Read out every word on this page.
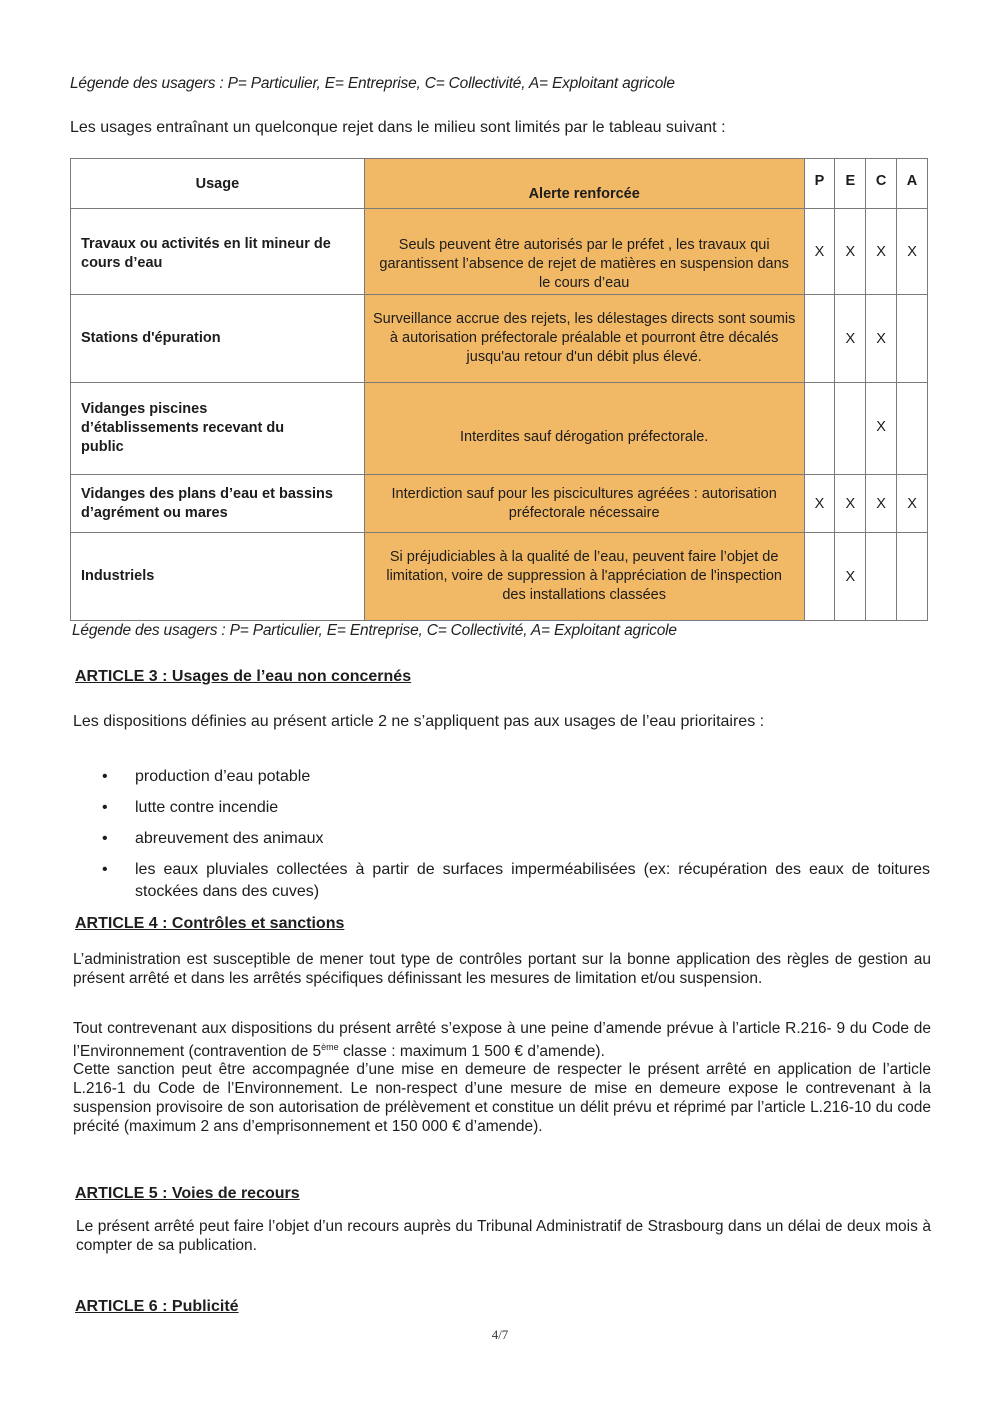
Légende des usagers : P= Particulier, E= Entreprise, C= Collectivité, A= Exploitant agricole
Les usages entraînant un quelconque rejet dans le milieu sont limités par le tableau suivant :
Usage	Alerte renforcée	P	E	C	A

Travaux ou activités en lit mineur de cours d’eau	Seuls peuvent être autorisés par le préfet , les travaux qui garantissent l’absence de rejet de matières en suspension dans le cours d’eau	X	X	X	X

Stations d'épuration	Surveillance accrue des rejets, les délestages directs sont soumis à autorisation préfectorale préalable et pourront être décalés jusqu'au retour d'un débit plus élevé.		X	X	

Vidanges piscines d’établissements recevant du public	Interdites sauf dérogation préfectorale.			X	

Vidanges des plans d’eau et bassins d’agrément ou mares	Interdiction sauf pour les piscicultures agréées : autorisation préfectorale nécessaire	X	X	X	X

Industriels	Si préjudiciables à la qualité de l’eau, peuvent faire l’objet de limitation, voire de suppression à l'appréciation de l'inspection des installations classées		X		
Légende des usagers : P= Particulier, E= Entreprise, C= Collectivité, A= Exploitant agricole
ARTICLE 3 : Usages de l’eau non concernés
Les dispositions définies au présent article 2 ne s’appliquent pas aux usages de l’eau prioritaires :
• production d’eau potable
• lutte contre incendie
• abreuvement des animaux
• les eaux pluviales collectées à partir de surfaces imperméabilisées (ex: récupération des eaux de toitures stockées dans des cuves)
ARTICLE 4 : Contrôles et sanctions
L’administration est susceptible de mener tout type de contrôles portant sur la bonne application des règles de gestion au présent arrêté et dans les arrêtés spécifiques définissant les mesures de limitation et/ou suspension.
Tout contrevenant aux dispositions du présent arrêté s’expose à une peine d’amende prévue à l’article R.216- 9 du Code de l’Environnement (contravention de 5ème classe : maximum 1 500 € d’amende).
Cette sanction peut être accompagnée d’une mise en demeure de respecter le présent arrêté en application de l’article L.216-1 du Code de l’Environnement. Le non-respect d’une mesure de mise en demeure expose le contrevenant à la suspension provisoire de son autorisation de prélèvement et constitue un délit prévu et réprimé par l’article L.216-10 du code précité (maximum 2 ans d’emprisonnement et 150 000 € d’amende).
ARTICLE 5 : Voies de recours
Le présent arrêté peut faire l’objet d’un recours auprès du Tribunal Administratif de Strasbourg dans un délai de deux mois à compter de sa publication.
ARTICLE 6 : Publicité
4/7
